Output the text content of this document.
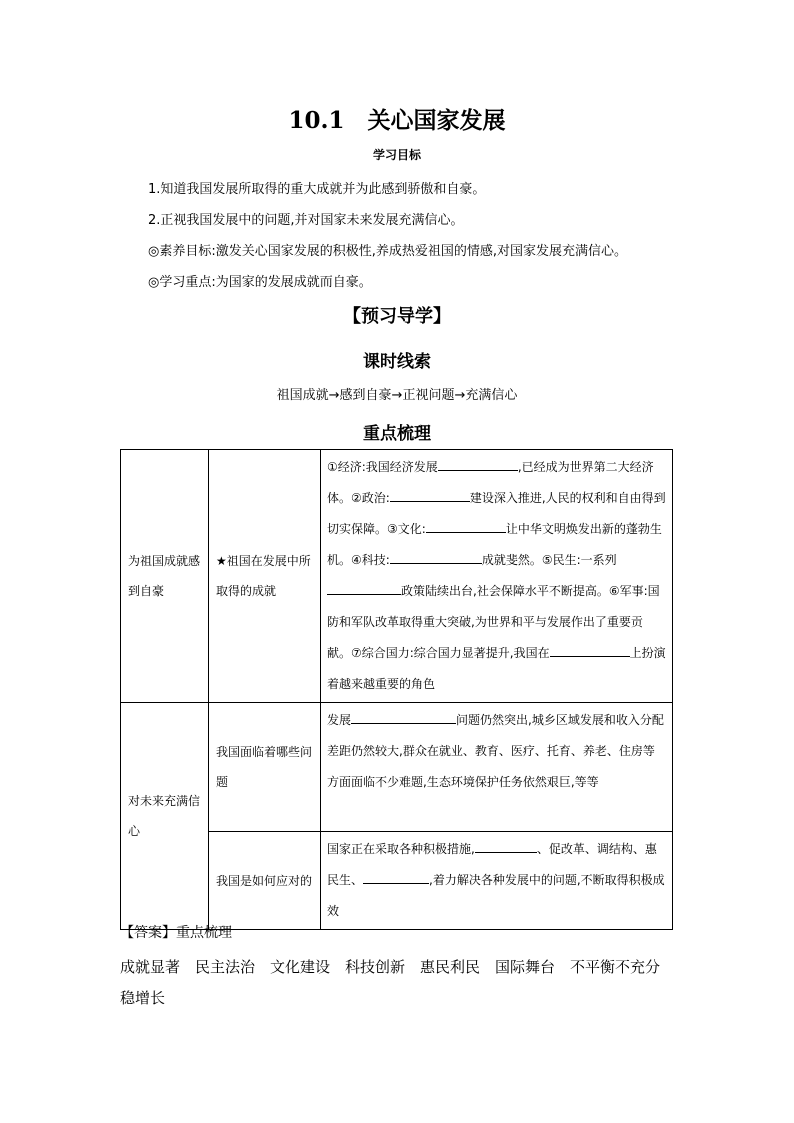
10.1　关心国家发展
学习目标
1.知道我国发展所取得的重大成就并为此感到骄傲和自豪。
2.正视我国发展中的问题,并对国家未来发展充满信心。
◎素养目标:激发关心国家发展的积极性,养成热爱祖国的情感,对国家发展充满信心。
◎学习重点:为国家的发展成就而自豪。
【预习导学】
课时线索
祖国成就→感到自豪→正视问题→充满信心
重点梳理
为祖国成就感到自豪	★祖国在发展中所取得的成就	①经济:我国经济发展 ,已经成为世界第二大经济体。②政治: 建设深入推进,人民的权利和自由得到切实保障。③文化: 让中华文明焕发出新的蓬勃生机。④科技: 成就斐然。⑤民生:一系列政策陆续出台,社会保障水平不断提高。⑥军事:国防和军队改革取得重大突破,为世界和平与发展作出了重要贡献。⑦综合国力:综合国力显著提升,我国在 上扮演着越来越重要的角色
对未来充满信心	我国面临着哪些问题	发展 问题仍然突出,城乡区域发展和收入分配差距仍然较大,群众在就业、教育、医疗、托育、养老、住房等方面面临不少难题,生态环境保护任务依然艰巨,等等
	我国是如何应对的	国家正在采取各种积极措施, 、促改革、调结构、惠民生、 ,着力解决各种发展中的问题,不断取得积极成效
【答案】重点梳理
成就显著　民主法治　文化建设　科技创新　惠民利民　国际舞台　不平衡不充分　稳增长
